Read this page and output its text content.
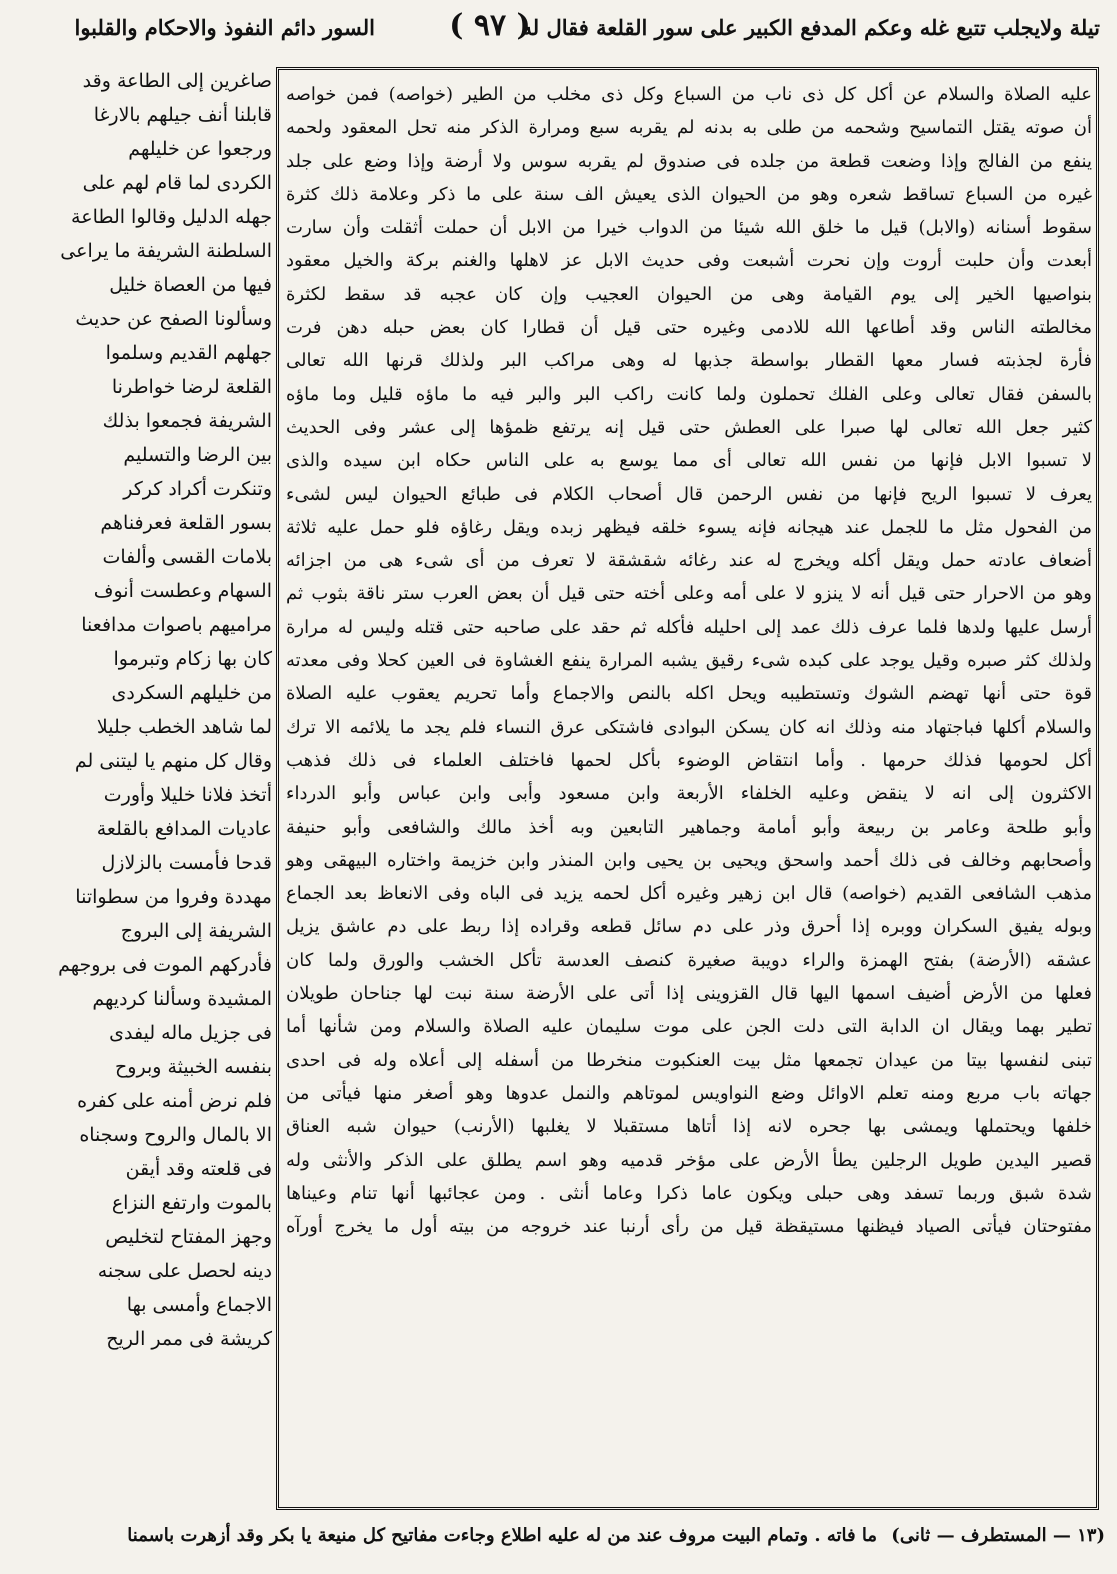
تيلة ولايجلب تتبع غله وعكم المدفع الكبير على سور القلعة فقال له
( ٩٧ )
السور دائم النفوذ والاحكام والقلبوا
عليه الصلاة والسلام عن أكل كل ذى ناب من السباع وكل ذى مخلب من الطير (خواصه) فمن خواصه
أن صوته يقتل التماسيح وشحمه من طلى به بدنه لم يقربه سبع ومرارة الذكر منه تحل المعقود ولحمه
ينفع من الفالج وإذا وضعت قطعة من جلده فى صندوق لم يقربه سوس ولا أرضة وإذا وضع على جلد
غيره من السباع تساقط شعره وهو من الحيوان الذى يعيش الف سنة على ما ذكر وعلامة ذلك كثرة
سقوط أسنانه (والابل) قيل ما خلق الله شيئا من الدواب خيرا من الابل أن حملت أثقلت وأن سارت
أبعدت وأن حلبت أروت وإن نحرت أشبعت وفى حديث الابل عز لاهلها والغنم بركة والخيل معقود
بنواصيها الخير إلى يوم القيامة وهى من الحيوان العجيب وإن كان عجبه قد سقط لكثرة
مخالطته الناس وقد أطاعها الله للادمى وغيره حتى قيل أن قطارا كان بعض حبله دهن فرت
فأرة لجذبته فسار معها القطار بواسطة جذبها له وهى مراكب البر ولذلك قرنها الله تعالى
بالسفن فقال تعالى وعلى الفلك تحملون ولما كانت راكب البر والبر فيه ما ماؤه قليل وما ماؤه
كثير جعل الله تعالى لها صبرا على العطش حتى قيل إنه يرتفع ظمؤها إلى عشر وفى الحديث
لا تسبوا الابل فإنها من نفس الله تعالى أى مما يوسع به على الناس حكاه ابن سيده والذى
يعرف لا تسبوا الريح فإنها من نفس الرحمن قال أصحاب الكلام فى طبائع الحيوان ليس لشىء
من الفحول مثل ما للجمل عند هيجانه فإنه يسوء خلقه فيظهر زبده ويقل رغاؤه فلو حمل عليه ثلاثة
أضعاف عادته حمل ويقل أكله ويخرج له عند رغائه شقشقة لا تعرف من أى شىء هى من اجزائه
وهو من الاحرار حتى قيل أنه لا ينزو لا على أمه وعلى أخته حتى قيل أن بعض العرب ستر ناقة بثوب ثم
أرسل عليها ولدها فلما عرف ذلك عمد إلى احليله فأكله ثم حقد على صاحبه حتى قتله وليس له مرارة
ولذلك كثر صبره وقيل يوجد على كبده شىء رقيق يشبه المرارة ينفع الغشاوة فى العين كحلا وفى معدته
قوة حتى أنها تهضم الشوك وتستطيبه ويحل اكله بالنص والاجماع وأما تحريم يعقوب عليه الصلاة
والسلام أكلها فباجتهاد منه وذلك انه كان يسكن البوادى فاشتكى عرق النساء فلم يجد ما يلائمه الا ترك
أكل لحومها فذلك حرمها . وأما انتقاض الوضوء بأكل لحمها فاختلف العلماء فى ذلك فذهب
الاكثرون إلى انه لا ينقض وعليه الخلفاء الأربعة وابن مسعود وأبى وابن عباس وأبو الدرداء
وأبو طلحة وعامر بن ربيعة وأبو أمامة وجماهير التابعين وبه أخذ مالك والشافعى وأبو حنيفة
وأصحابهم وخالف فى ذلك أحمد واسحق ويحيى بن يحيى وابن المنذر وابن خزيمة واختاره البيهقى وهو
مذهب الشافعى القديم (خواصه) قال ابن زهير وغيره أكل لحمه يزيد فى الباه وفى الانعاظ بعد الجماع
وبوله يفيق السكران ووبره إذا أحرق وذر على دم سائل قطعه وقراده إذا ربط على دم عاشق يزيل
عشقه (الأرضة) بفتح الهمزة والراء دويبة صغيرة كنصف العدسة تأكل الخشب والورق ولما كان
فعلها من الأرض أضيف اسمها اليها قال القزوينى إذا أتى على الأرضة سنة نبت لها جناحان طويلان
تطير بهما ويقال ان الدابة التى دلت الجن على موت سليمان عليه الصلاة والسلام ومن شأنها أما
تبنى لنفسها بيتا من عيدان تجمعها مثل بيت العنكبوت منخرطا من أسفله إلى أعلاه وله فى احدى
جهاته باب مربع ومنه تعلم الاوائل وضع النواويس لموتاهم والنمل عدوها وهو أصغر منها فيأتى من
خلفها ويحتملها ويمشى بها جحره لانه إذا أتاها مستقبلا لا يغلبها (الأرنب) حيوان شبه العناق
قصير اليدين طويل الرجلين يطأ الأرض على مؤخر قدميه وهو اسم يطلق على الذكر والأنثى وله
شدة شبق وربما تسفد وهى حبلى ويكون عاما ذكرا وعاما أنثى . ومن عجائبها أنها تنام وعيناها
مفتوحتان فيأتى الصياد فيظنها مستيقظة قيل من رأى أرنبا عند خروجه من بيته أول ما يخرج أورآه
صاغرين إلى الطاعة وقد
قابلنا أنف جيلهم بالارغا
ورجعوا عن خليلهم
الكردى لما قام لهم على
جهله الدليل وقالوا الطاعة
السلطنة الشريفة ما يراعى
فيها من العصاة خليل
وسألونا الصفح عن حديث
جهلهم القديم وسلموا
القلعة لرضا خواطرنا
الشريفة فجمعوا بذلك
بين الرضا والتسليم
وتنكرت أكراد كركر
بسور القلعة فعرفناهم
بلامات القسى وألفات
السهام وعطست أنوف
مراميهم باصوات مدافعنا
كان بها زكام وتبرموا
من خليلهم السكردى
لما شاهد الخطب جليلا
وقال كل منهم يا ليتنى لم
أتخذ فلانا خليلا وأورت
عاديات المدافع بالقلعة
قدحا فأمست بالزلازل
مهددة وفروا من سطواتنا
الشريفة إلى البروج
فأدركهم الموت فى بروجهم
المشيدة وسألنا كرديهم
فى جزيل ماله ليفدى
بنفسه الخبيثة وبروح
فلم نرض أمنه على كفره
الا بالمال والروح وسجناه
فى قلعته وقد أيقن
بالموت وارتفع النزاع
وجهز المفتاح لتخليص
دينه لحصل على سجنه
الاجماع وأمسى بها
كريشة فى ممر الريح
(١٣ — المستطرف — ثانى) ما فاته . وتمام البيت مروف عند من له عليه اطلاع وجاءت مفاتيح كل منيعة يا بكر وقد أزهرت باسمنا
